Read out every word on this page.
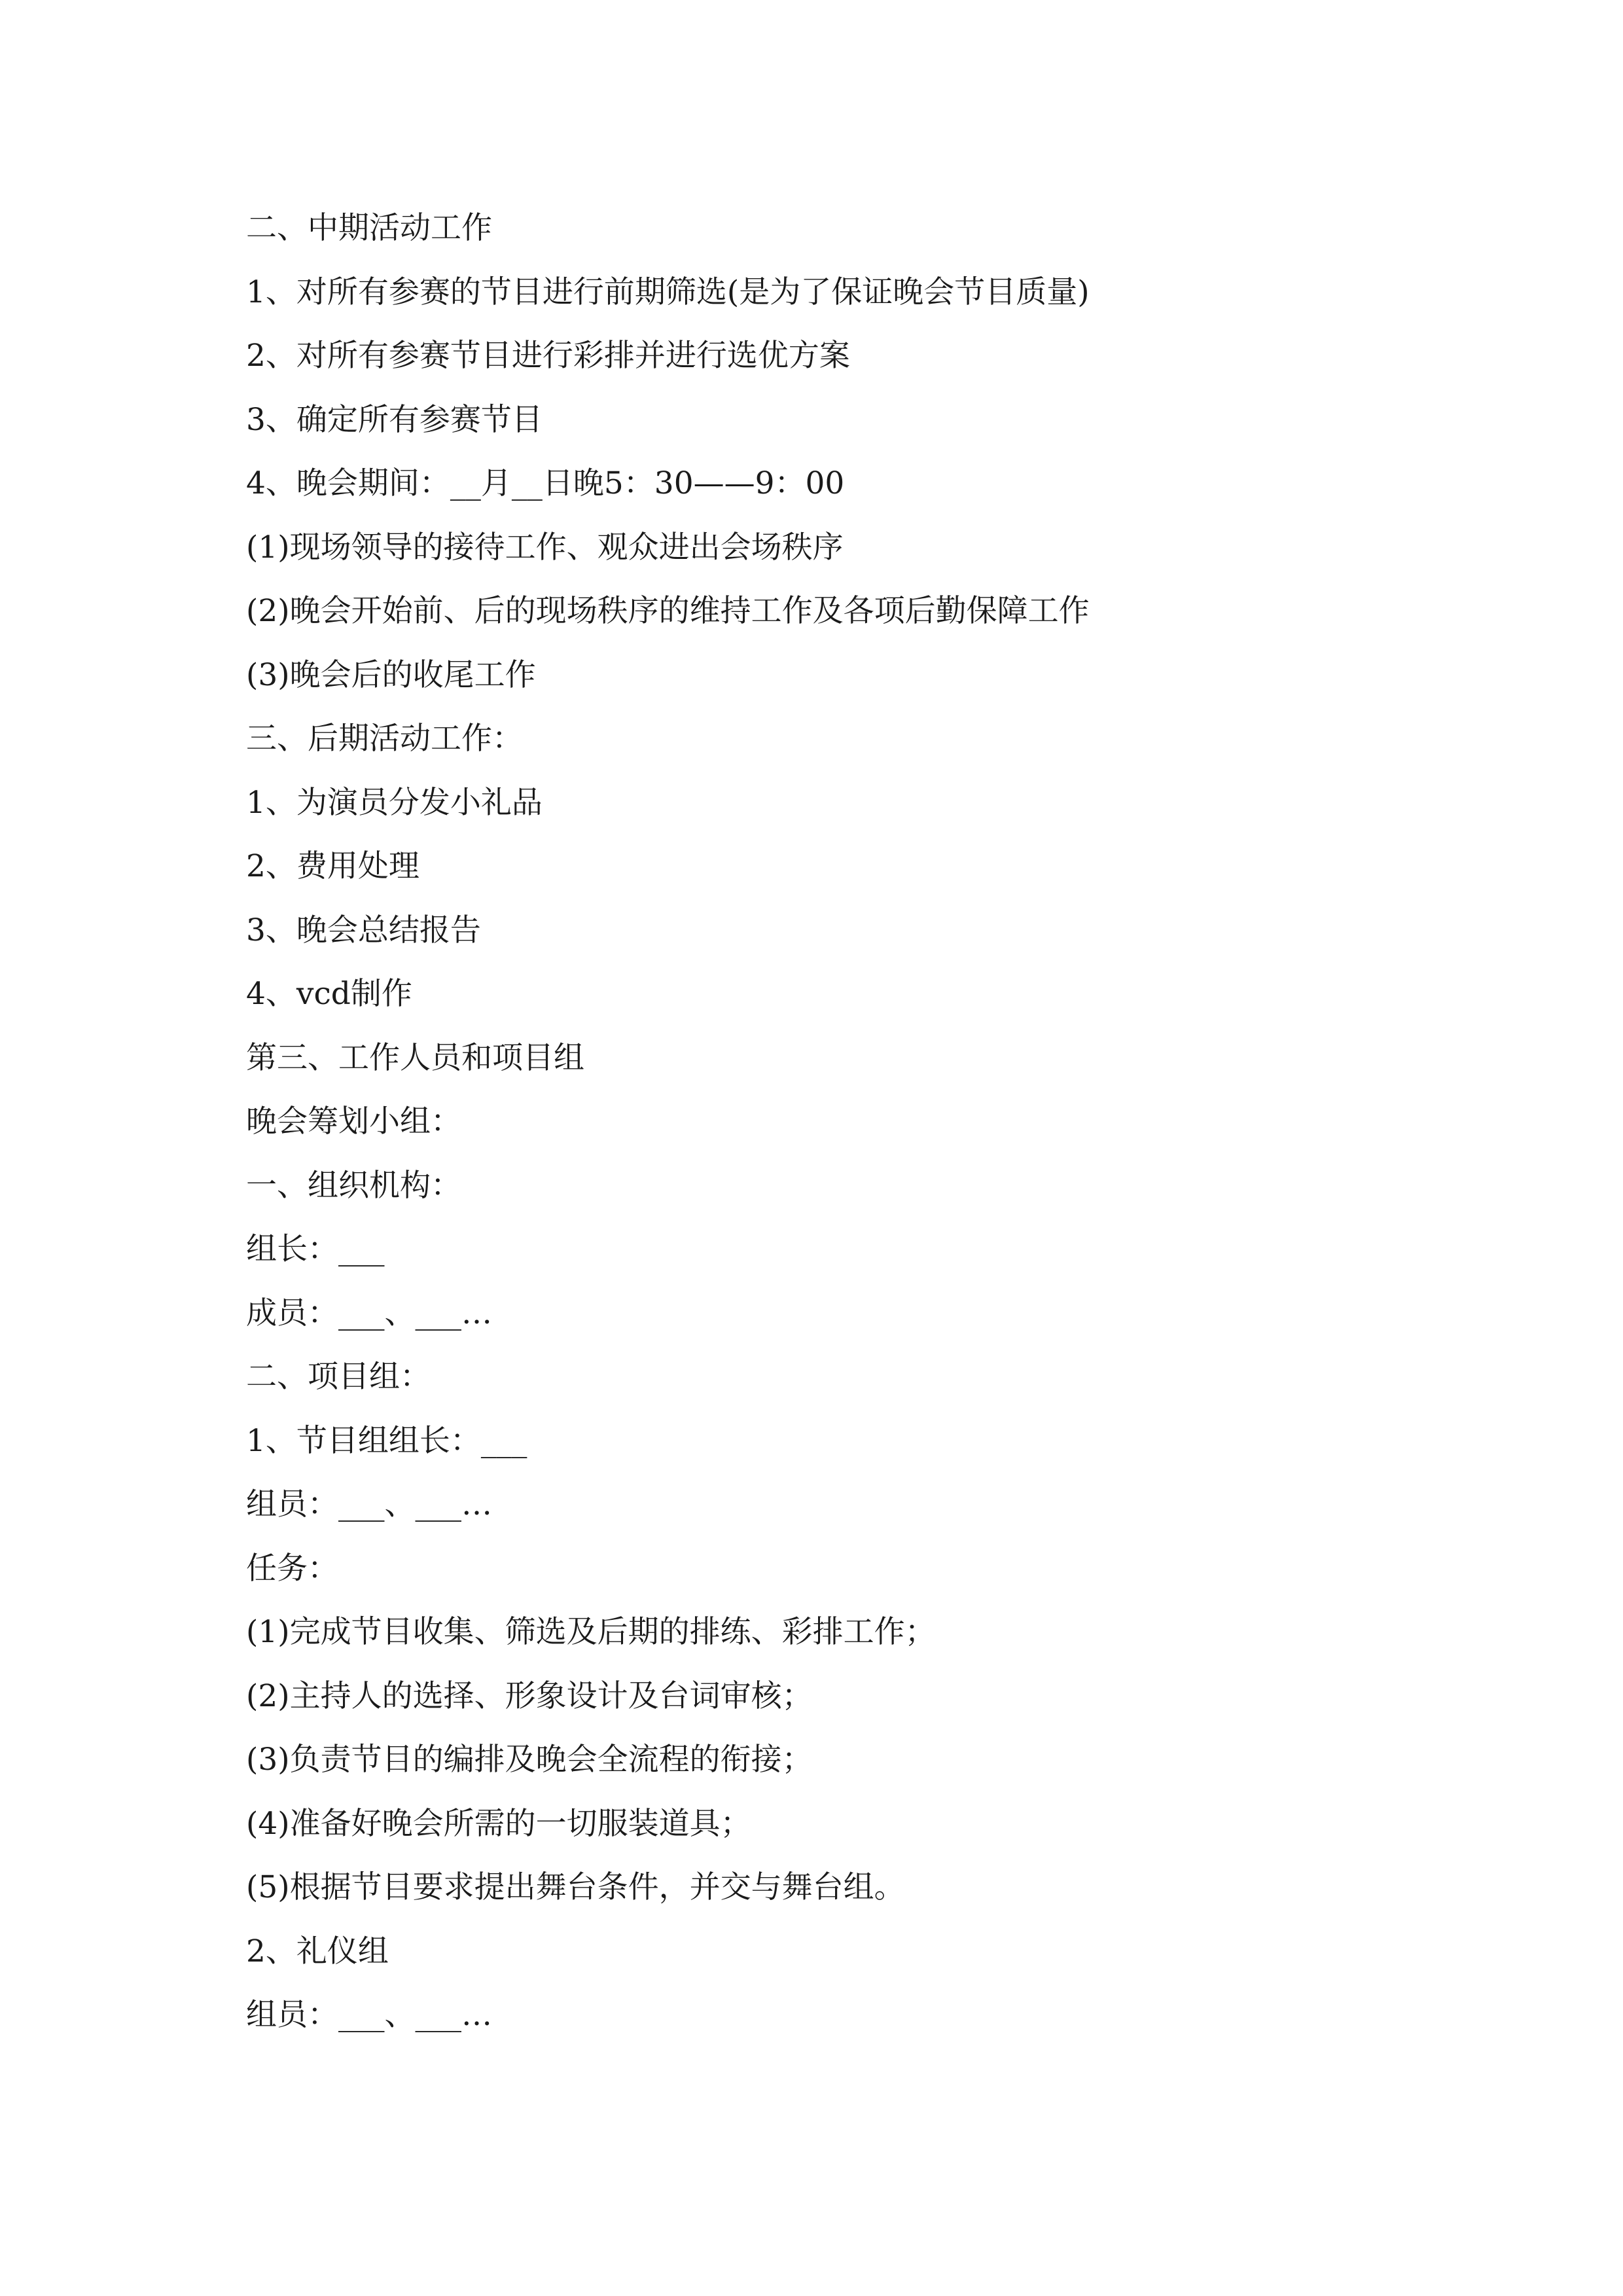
二、中期活动工作
1、对所有参赛的节目进行前期筛选(是为了保证晚会节目质量)
2、对所有参赛节目进行彩排并进行选优方案
3、确定所有参赛节目
4、晚会期间：__月__日晚5：30——9：00
(1)现场领导的接待工作、观众进出会场秩序
(2)晚会开始前、后的现场秩序的维持工作及各项后勤保障工作
(3)晚会后的收尾工作
三、后期活动工作：
1、为演员分发小礼品
2、费用处理
3、晚会总结报告
4、vcd制作
第三、工作人员和项目组
晚会筹划小组：
一、组织机构：
组长：___
成员：___、___…
二、项目组：
1、节目组组长：___
组员：___、___…
任务：
(1)完成节目收集、筛选及后期的排练、彩排工作；
(2)主持人的选择、形象设计及台词审核；
(3)负责节目的编排及晚会全流程的衔接；
(4)准备好晚会所需的一切服装道具；
(5)根据节目要求提出舞台条件，并交与舞台组。
2、礼仪组
组员：___、___…
